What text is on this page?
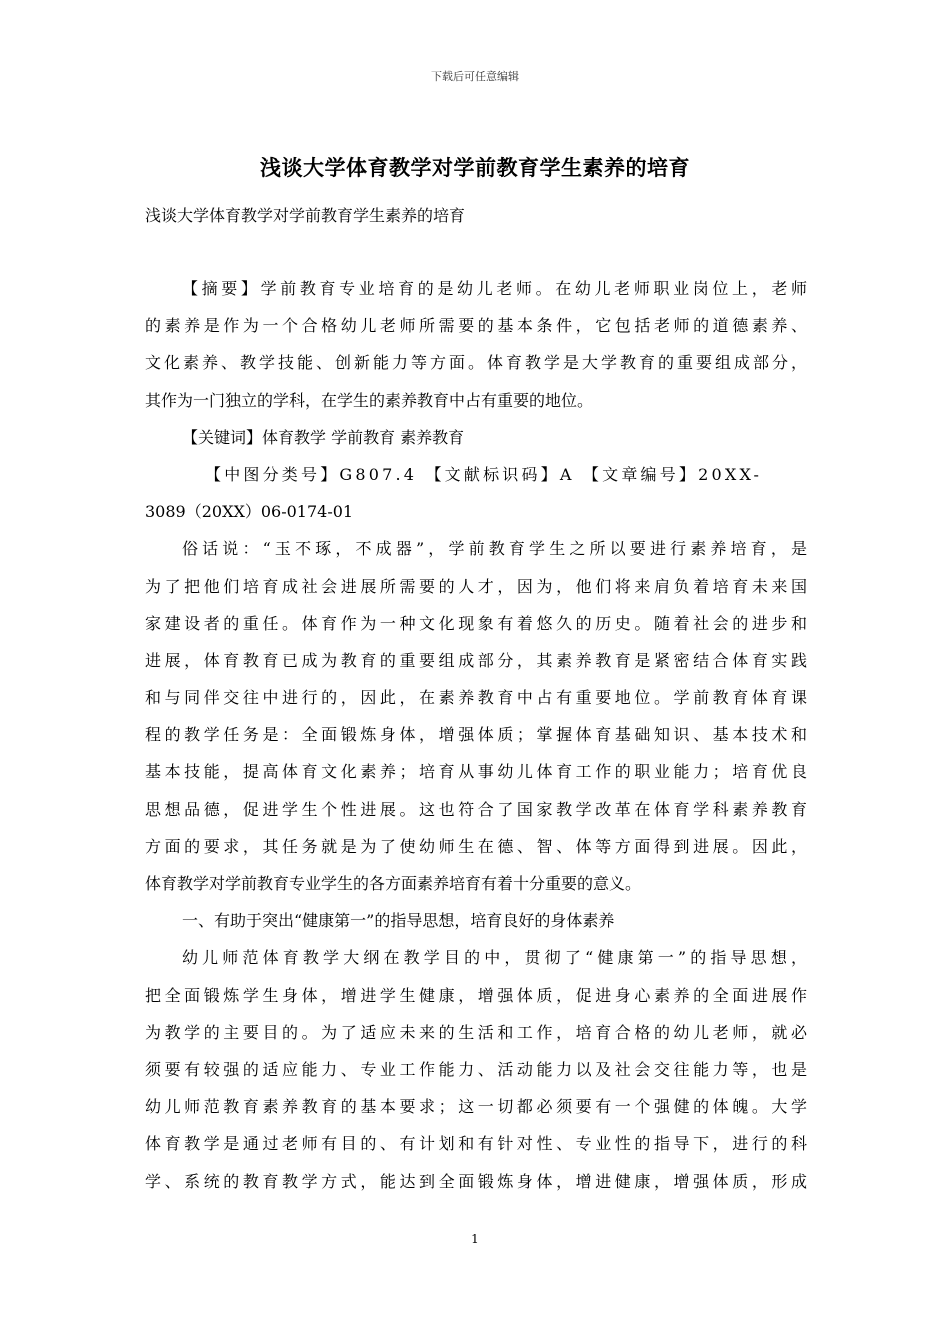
下载后可任意编辑
浅谈大学体育教学对学前教育学生素养的培育
浅谈大学体育教学对学前教育学生素养的培育
【摘要】学前教育专业培育的是幼儿老师。在幼儿老师职业岗位上，老师
的素养是作为一个合格幼儿老师所需要的基本条件，它包括老师的道德素养、
文化素养、教学技能、创新能力等方面。体育教学是大学教育的重要组成部分，
其作为一门独立的学科，在学生的素养教育中占有重要的地位。
【关键词】体育教学 学前教育 素养教育
【中图分类号】G807.4 【文献标识码】A 【文章编号】20XX-
3089（20XX）06-0174-01
俗话说：“玉不琢，不成器”，学前教育学生之所以要进行素养培育，是
为了把他们培育成社会进展所需要的人才，因为，他们将来肩负着培育未来国
家建设者的重任。体育作为一种文化现象有着悠久的历史。随着社会的进步和
进展，体育教育已成为教育的重要组成部分，其素养教育是紧密结合体育实践
和与同伴交往中进行的，因此，在素养教育中占有重要地位。学前教育体育课
程的教学任务是：全面锻炼身体，增强体质；掌握体育基础知识、基本技术和
基本技能，提高体育文化素养；培育从事幼儿体育工作的职业能力；培育优良
思想品德，促进学生个性进展。这也符合了国家教学改革在体育学科素养教育
方面的要求，其任务就是为了使幼师生在德、智、体等方面得到进展。因此，
体育教学对学前教育专业学生的各方面素养培育有着十分重要的意义。
一、有助于突出“健康第一”的指导思想，培育良好的身体素养
幼儿师范体育教学大纲在教学目的中，贯彻了“健康第一”的指导思想，
把全面锻炼学生身体，增进学生健康，增强体质，促进身心素养的全面进展作
为教学的主要目的。为了适应未来的生活和工作，培育合格的幼儿老师，就必
须要有较强的适应能力、专业工作能力、活动能力以及社会交往能力等，也是
幼儿师范教育素养教育的基本要求；这一切都必须要有一个强健的体魄。大学
体育教学是通过老师有目的、有计划和有针对性、专业性的指导下，进行的科
学、系统的教育教学方式，能达到全面锻炼身体，增进健康，增强体质，形成
1
